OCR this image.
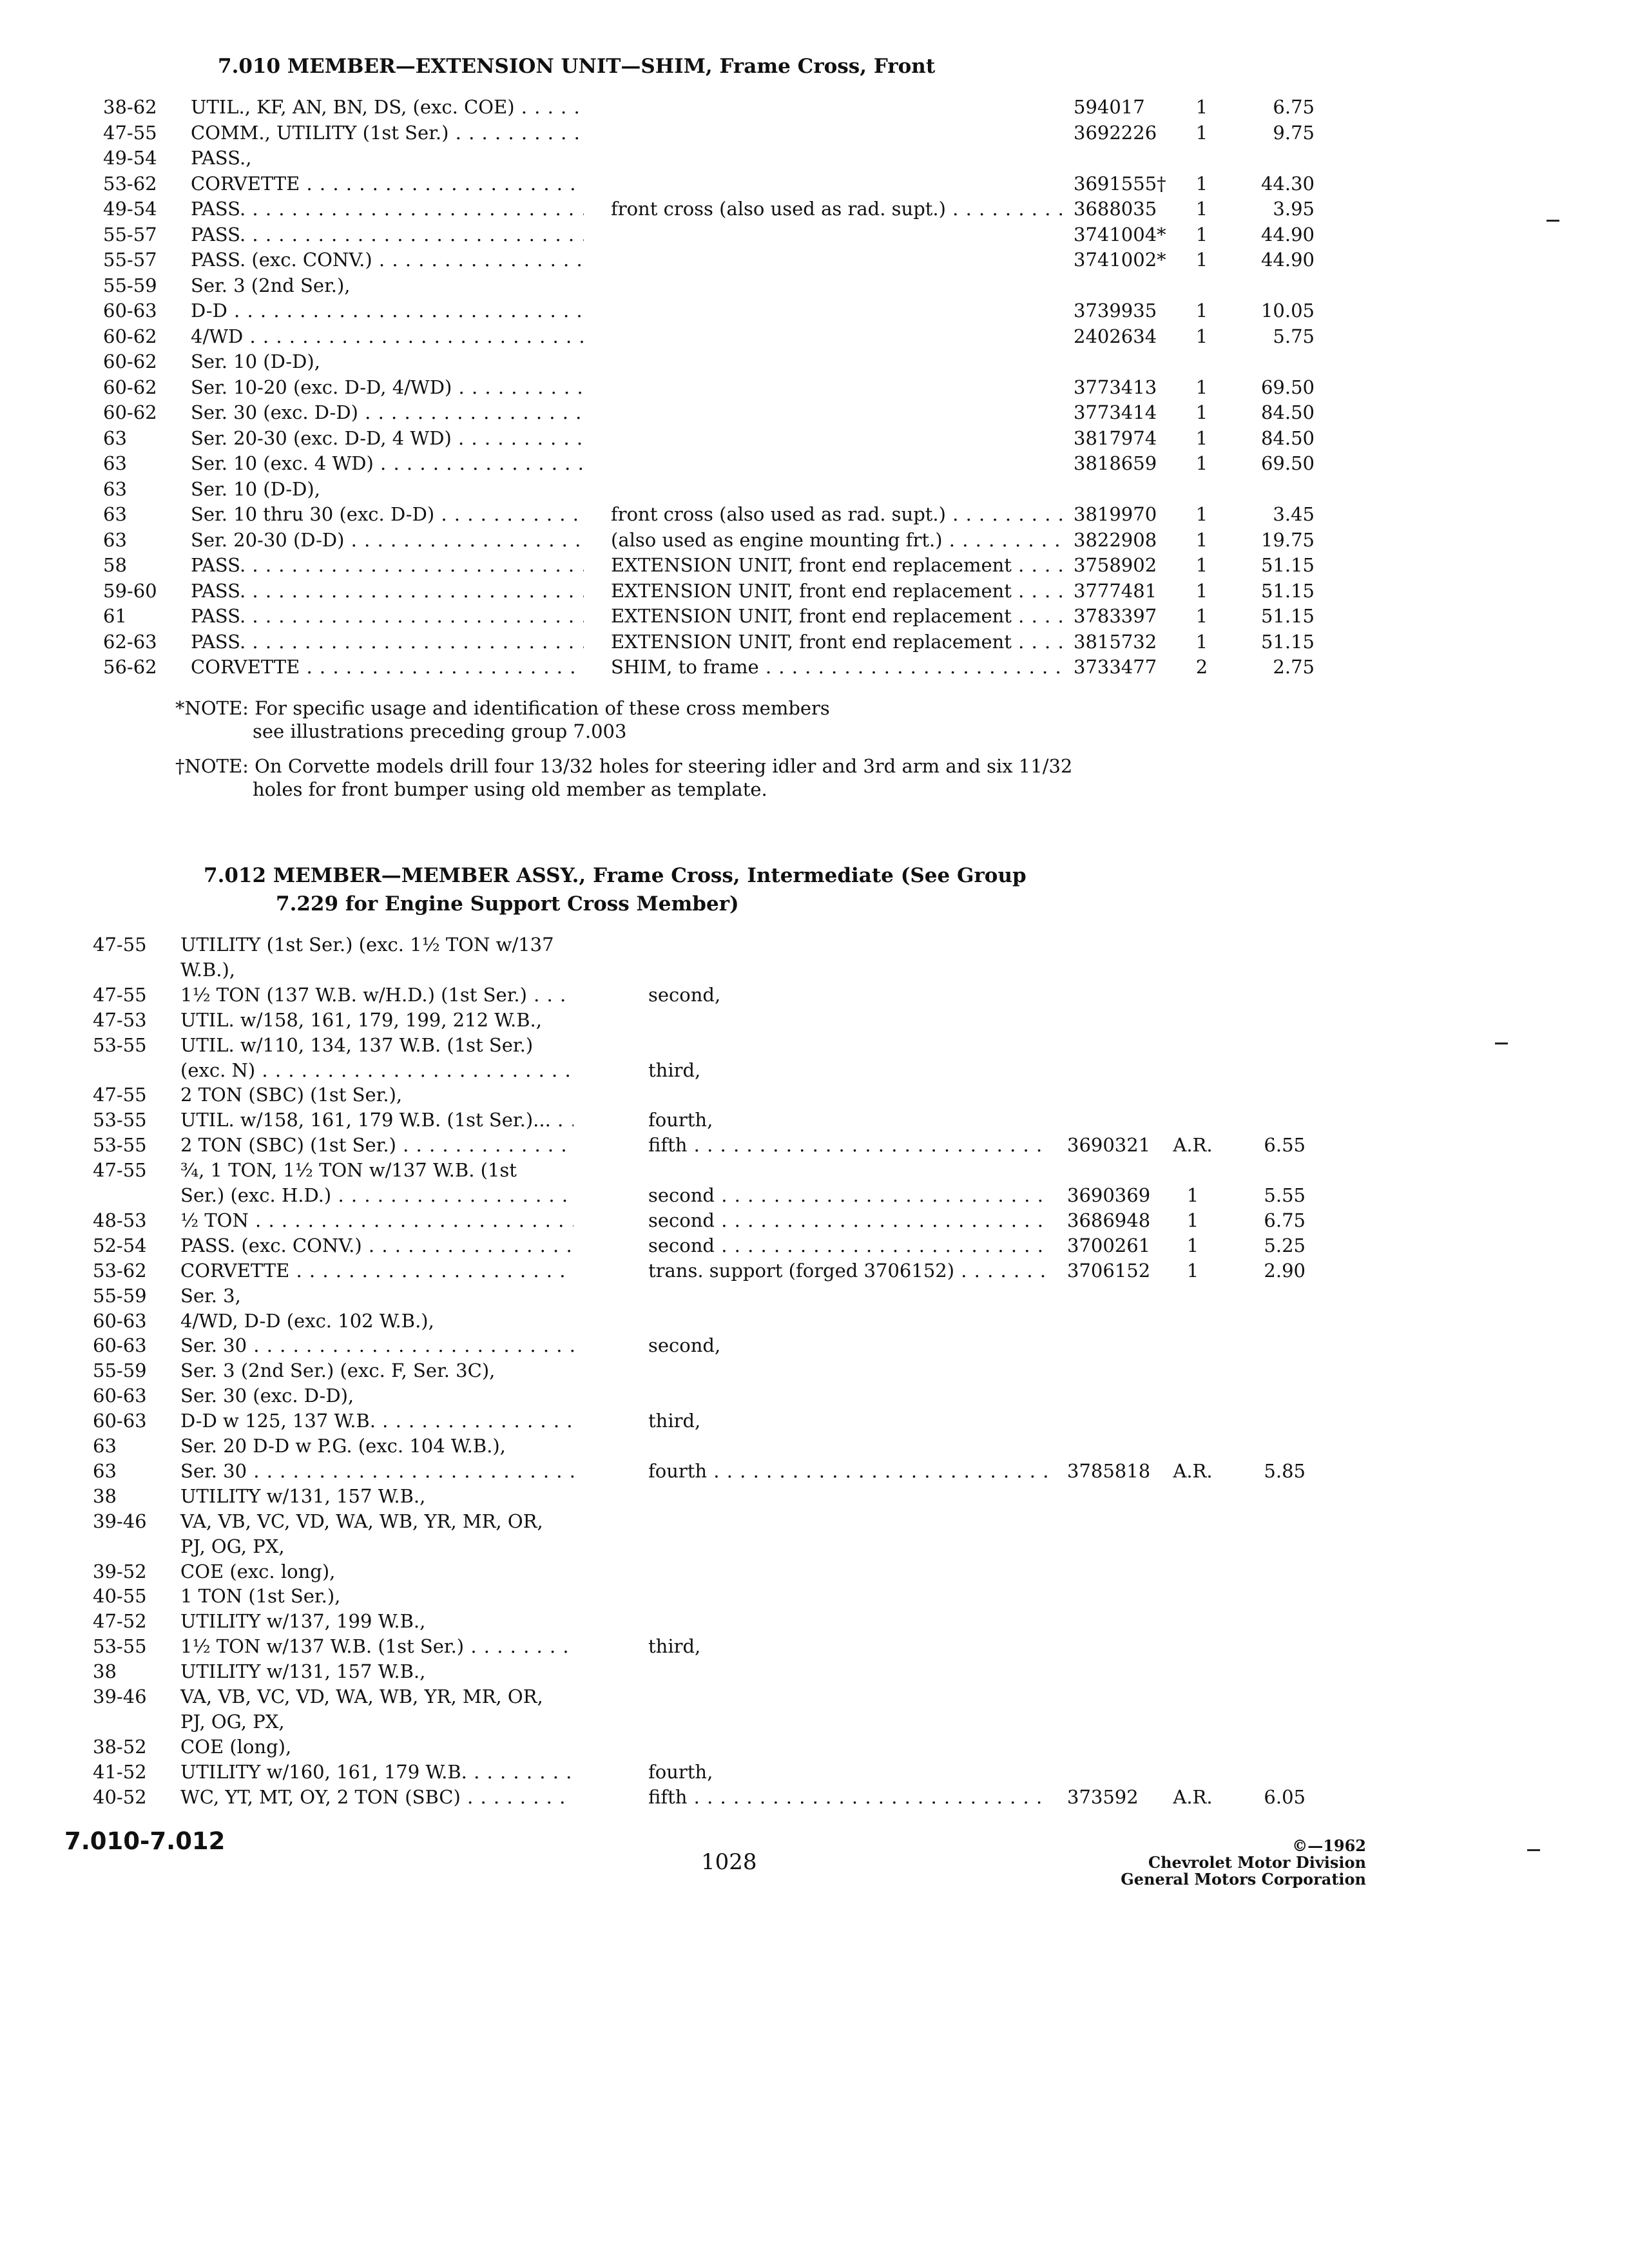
7.010 MEMBER—EXTENSION UNIT—SHIM, Frame Cross, Front
38-62 UTIL., KF, AN, BN, DS, (exc. COE) . . .	594017	1	6.75
47-55 COMM., UTILITY (1st Ser.) . . .	3692226	1	9.75
49-54 PASS.,
53-62 CORVETTE . . .	3691555†	1	44.30
49-54 PASS. . . .	front cross (also used as rad. supt.) . . .	3688035	1	3.95
55-57 PASS. . . .	3741004*	1	44.90
55-57 PASS. (exc. CONV.) . . .	3741002*	1	44.90
55-59 Ser. 3 (2nd Ser.),
60-63 D-D . . .	3739935	1	10.05
60-62 4/WD . . .	2402634	1	5.75
60-62 Ser. 10 (D-D),
60-62 Ser. 10-20 (exc. D-D, 4/WD) . . .	3773413	1	69.50
60-62 Ser. 30 (exc. D-D) . . .	3773414	1	84.50
63	Ser. 20-30 (exc. D-D, 4 WD) . . .	3817974	1	84.50
63	Ser. 10 (exc. 4 WD) . . .	3818659	1	69.50
63	Ser. 10 (D-D),
63	Ser. 10 thru 30 (exc. D-D) . . .	front cross (also used as rad. supt.) . . .	3819970	1	3.45
63	Ser. 20-30 (D-D) . . .	(also used as engine mounting frt.) . . .	3822908	1	19.75
58	PASS. . . .	EXTENSION UNIT, front end replacement . . .	3758902	1	51.15
59-60 PASS. . . .	EXTENSION UNIT, front end replacement . . .	3777481	1	51.15
61	PASS. . . .	EXTENSION UNIT, front end replacement . . .	3783397	1	51.15
62-63 PASS. . . .	EXTENSION UNIT, front end replacement . . .	3815732	1	51.15
56-62 CORVETTE . . .	SHIM, to frame . . .	3733477	2	2.75
*NOTE: For specific usage and identification of these cross members
see illustrations preceding group 7.003
†NOTE: On Corvette models drill four 13/32 holes for steering idler and 3rd arm and six 11/32
holes for front bumper using old member as template.
7.012 MEMBER—MEMBER ASSY., Frame Cross, Intermediate (See Group
7.229 for Engine Support Cross Member)
47-55 UTILITY (1st Ser.) (exc. 1½ TON w/137
W.B.),
47-55 1½ TON (137 W.B. w/H.D.) (1st Ser.) . . .	second,
47-53 UTIL. w/158, 161, 179, 199, 212 W.B.,
53-55 UTIL. w/110, 134, 137 W.B. (1st Ser.)
(exc. N) . . .	third,
47-55 2 TON (SBC) (1st Ser.),
53-55 UTIL. w/158, 161, 179 W.B. (1st Ser.)... . . .	fourth,
53-55 2 TON (SBC) (1st Ser.) . . .	fifth . . .	3690321 A.R.	6.55
47-55 ¾, 1 TON, 1½ TON w/137 W.B. (1st
Ser.) (exc. H.D.) . . .	second . . .	3690369	1	5.55
48-53 ½ TON . . .	second . . .	3686948	1	6.75
52-54 PASS. (exc. CONV.) . . .	second . . .	3700261	1	5.25
53-62 CORVETTE . . .	trans. support (forged 3706152) . . .	3706152	1	2.90
55-59 Ser. 3,
60-63 4/WD, D-D (exc. 102 W.B.),
60-63 Ser. 30 . . .	second,
55-59 Ser. 3 (2nd Ser.) (exc. F, Ser. 3C),
60-63 Ser. 30 (exc. D-D),
60-63 D-D w 125, 137 W.B. . . .	third,
63	Ser. 20 D-D w P.G. (exc. 104 W.B.),
63	Ser. 30 . . .	fourth . . .	3785818 A.R.	5.85
38	UTILITY w/131, 157 W.B.,
39-46 VA, VB, VC, VD, WA, WB, YR, MR, OR,
PJ, OG, PX,
39-52 COE (exc. long),
40-55 1 TON (1st Ser.),
47-52 UTILITY w/137, 199 W.B.,
53-55 1½ TON w/137 W.B. (1st Ser.) . . .	third,
38	UTILITY w/131, 157 W.B.,
39-46 VA, VB, VC, VD, WA, WB, YR, MR, OR,
PJ, OG, PX,
38-52 COE (long),
41-52 UTILITY w/160, 161, 179 W.B. . . .	fourth,
40-52 WC, YT, MT, OY, 2 TON (SBC) . . .	fifth . . .	373592 A.R.	6.05
7.010-7.012
1028
©—1962
Chevrolet Motor Division
General Motors Corporation
